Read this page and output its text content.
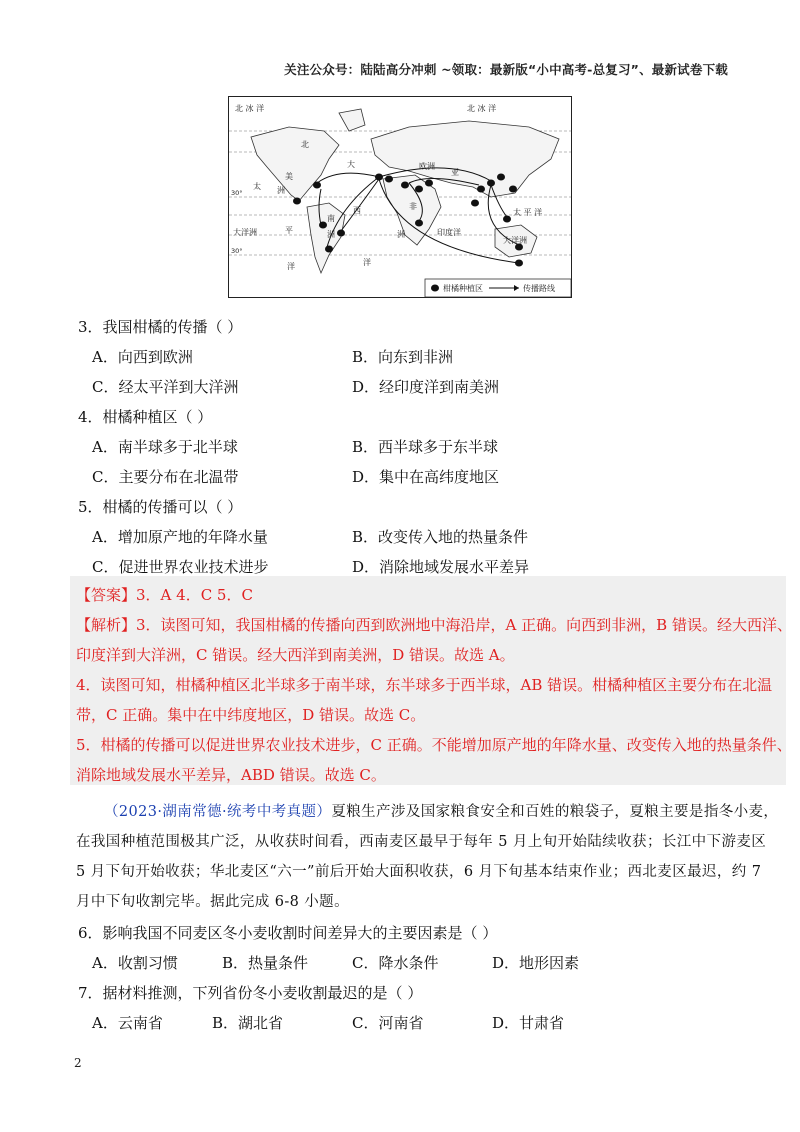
关注公众号：陆陆高分冲刺 ~领取：最新版“小中高考-总复习”、最新试卷下载
北 冰 洋	北 冰 洋
北
大	欧洲
亚
美
洲
太
西	非
南
洲
平
大洋洲	印度洋
太 平 洋
洋	洋
洲
30°
30°
大洋洲
柑橘种植区	传播路线
3．我国柑橘的传播（ ）
A．向西到欧洲	B．向东到非洲
C．经太平洋到大洋洲	D．经印度洋到南美洲
4．柑橘种植区（ ）
A．南半球多于北半球	B．西半球多于东半球
C．主要分布在北温带	D．集中在高纬度地区
5．柑橘的传播可以（ ）
A．增加原产地的年降水量	B．改变传入地的热量条件
C．促进世界农业技术进步	D．消除地域发展水平差异
【答案】3．A 4．C 5．C
【解析】3．读图可知，我国柑橘的传播向西到欧洲地中海沿岸，A 正确。向西到非洲，B 错误。经大西洋、
印度洋到大洋洲，C 错误。经大西洋到南美洲，D 错误。故选 A。
4．读图可知，柑橘种植区北半球多于南半球，东半球多于西半球，AB 错误。柑橘种植区主要分布在北温
带，C 正确。集中在中纬度地区，D 错误。故选 C。
5．柑橘的传播可以促进世界农业技术进步，C 正确。不能增加原产地的年降水量、改变传入地的热量条件、
消除地域发展水平差异，ABD 错误。故选 C。
（2023·湖南常德·统考中考真题）夏粮生产涉及国家粮食安全和百姓的粮袋子，夏粮主要是指冬小麦，
在我国种植范围极其广泛，从收获时间看，西南麦区最早于每年 5 月上旬开始陆续收获；长江中下游麦区
5 月下旬开始收获；华北麦区“六一”前后开始大面积收获，6 月下旬基本结束作业；西北麦区最迟，约 7
月中下旬收割完毕。据此完成 6-8 小题。
6．影响我国不同麦区冬小麦收割时间差异大的主要因素是（ ）
A．收割习惯	B．热量条件	C．降水条件	D．地形因素
7．据材料推测，下列省份冬小麦收割最迟的是（ ）
A．云南省	B．湖北省	C．河南省	D．甘肃省
2
